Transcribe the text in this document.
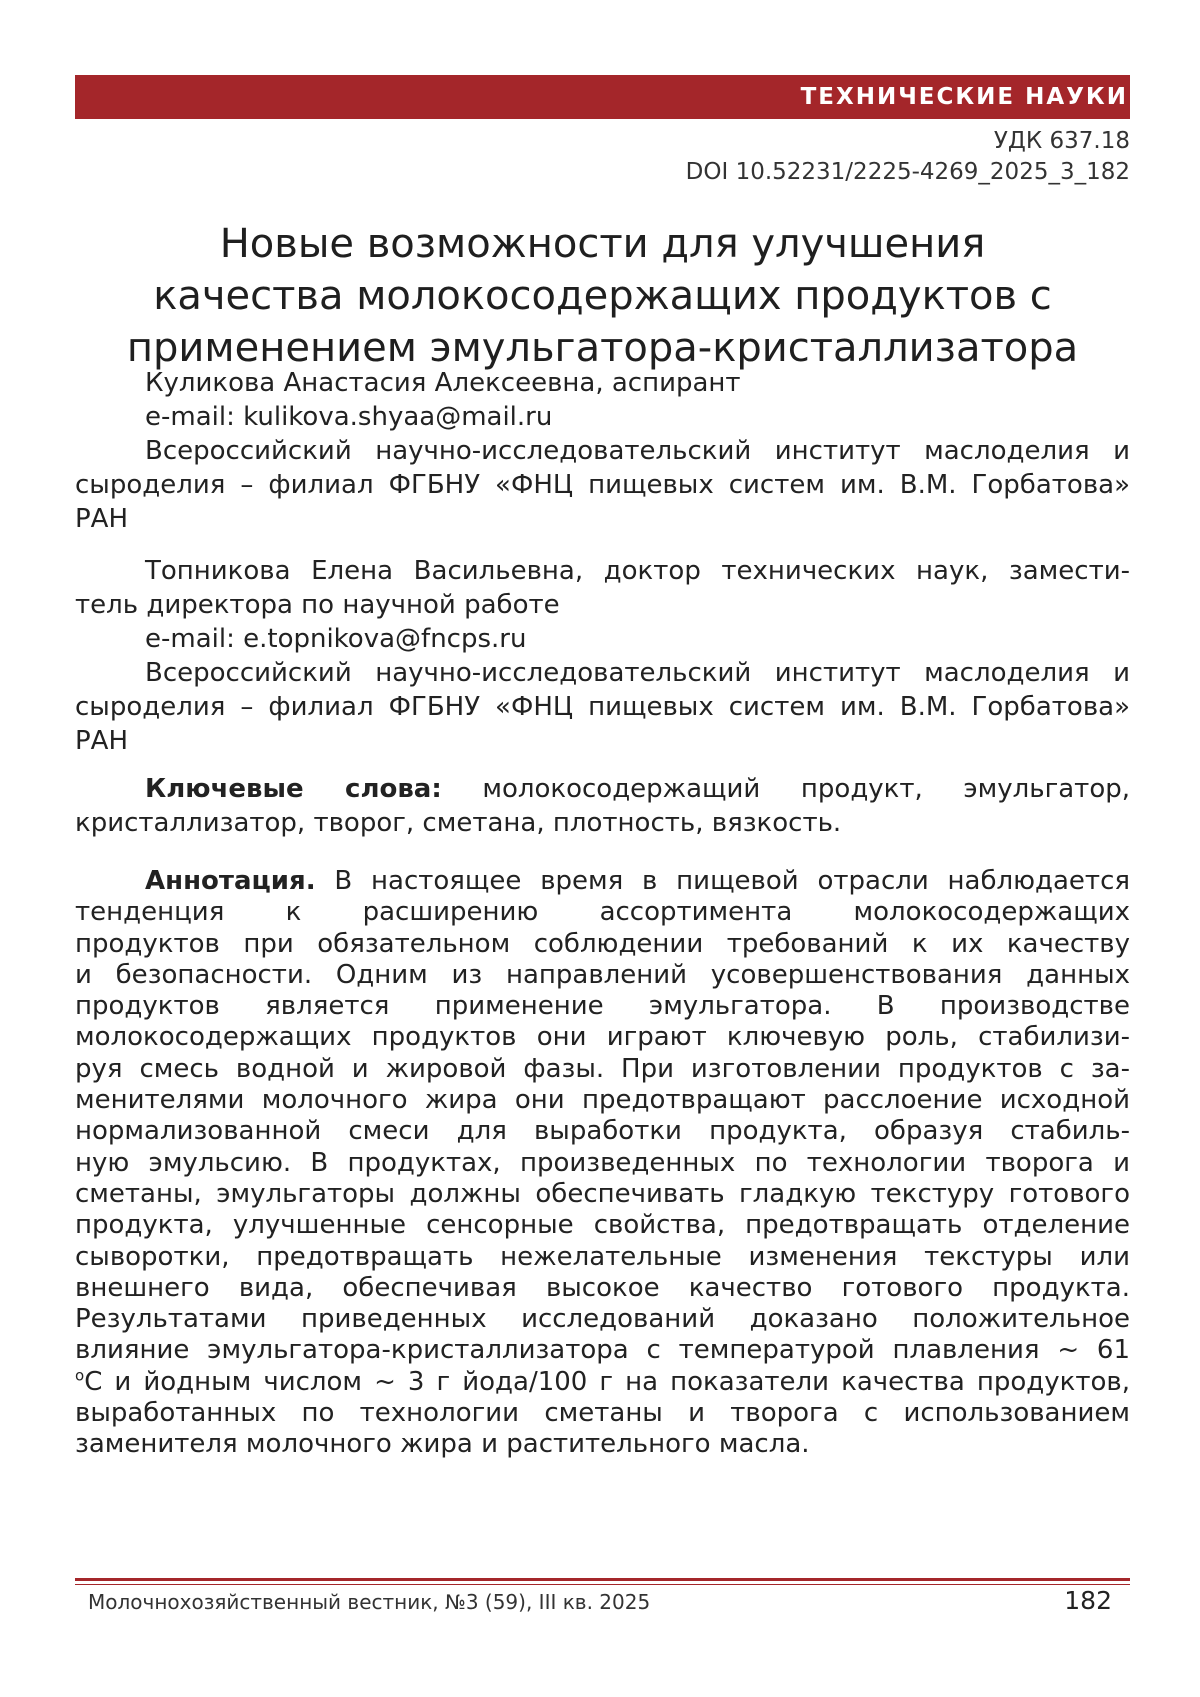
ТЕХНИЧЕСКИЕ НАУКИ
УДК 637.18
DOI 10.52231/2225-4269_2025_3_182
Новые возможности для улучшения
качества молокосодержащих продуктов с
применением эмульгатора-кристаллизатора
Куликова Анастасия Алексеевна, аспирант
e-mail: kulikova.shyaa@mail.ru
Всероссийский научно-исследовательский институт маслоделия и
сыроделия – филиал ФГБНУ «ФНЦ пищевых систем им. В.М. Горбатова»
РАН
Топникова Елена Васильевна, доктор технических наук, замести-
тель директора по научной работе
e-mail: e.topnikova@fncps.ru
Всероссийский научно-исследовательский институт маслоделия и
сыроделия – филиал ФГБНУ «ФНЦ пищевых систем им. В.М. Горбатова»
РАН
Ключевые слова: молокосодержащий продукт, эмульгатор,
кристаллизатор, творог, сметана, плотность, вязкость.
Аннотация. В настоящее время в пищевой отрасли наблюдается
тенденция к расширению ассортимента молокосодержащих
продуктов при обязательном соблюдении требований к их качеству
и безопасности. Одним из направлений усовершенствования данных
продуктов является применение эмульгатора. В производстве
молокосодержащих продуктов они играют ключевую роль, стабилизи-
руя смесь водной и жировой фазы. При изготовлении продуктов с за-
менителями молочного жира они предотвращают расслоение исходной
нормализованной смеси для выработки продукта, образуя стабиль-
ную эмульсию. В продуктах, произведенных по технологии творога и
сметаны, эмульгаторы должны обеспечивать гладкую текстуру готового
продукта, улучшенные сенсорные свойства, предотвращать отделение
сыворотки, предотвращать нежелательные изменения текстуры или
внешнего вида, обеспечивая высокое качество готового продукта.
Результатами приведенных исследований доказано положительное
влияние эмульгатора-кристаллизатора с температурой плавления ~ 61
оС и йодным числом ~ 3 г йода/100 г на показатели качества продуктов,
выработанных по технологии сметаны и творога с использованием
заменителя молочного жира и растительного масла.
Молочнохозяйственный вестник, №3 (59), III кв. 2025	182
